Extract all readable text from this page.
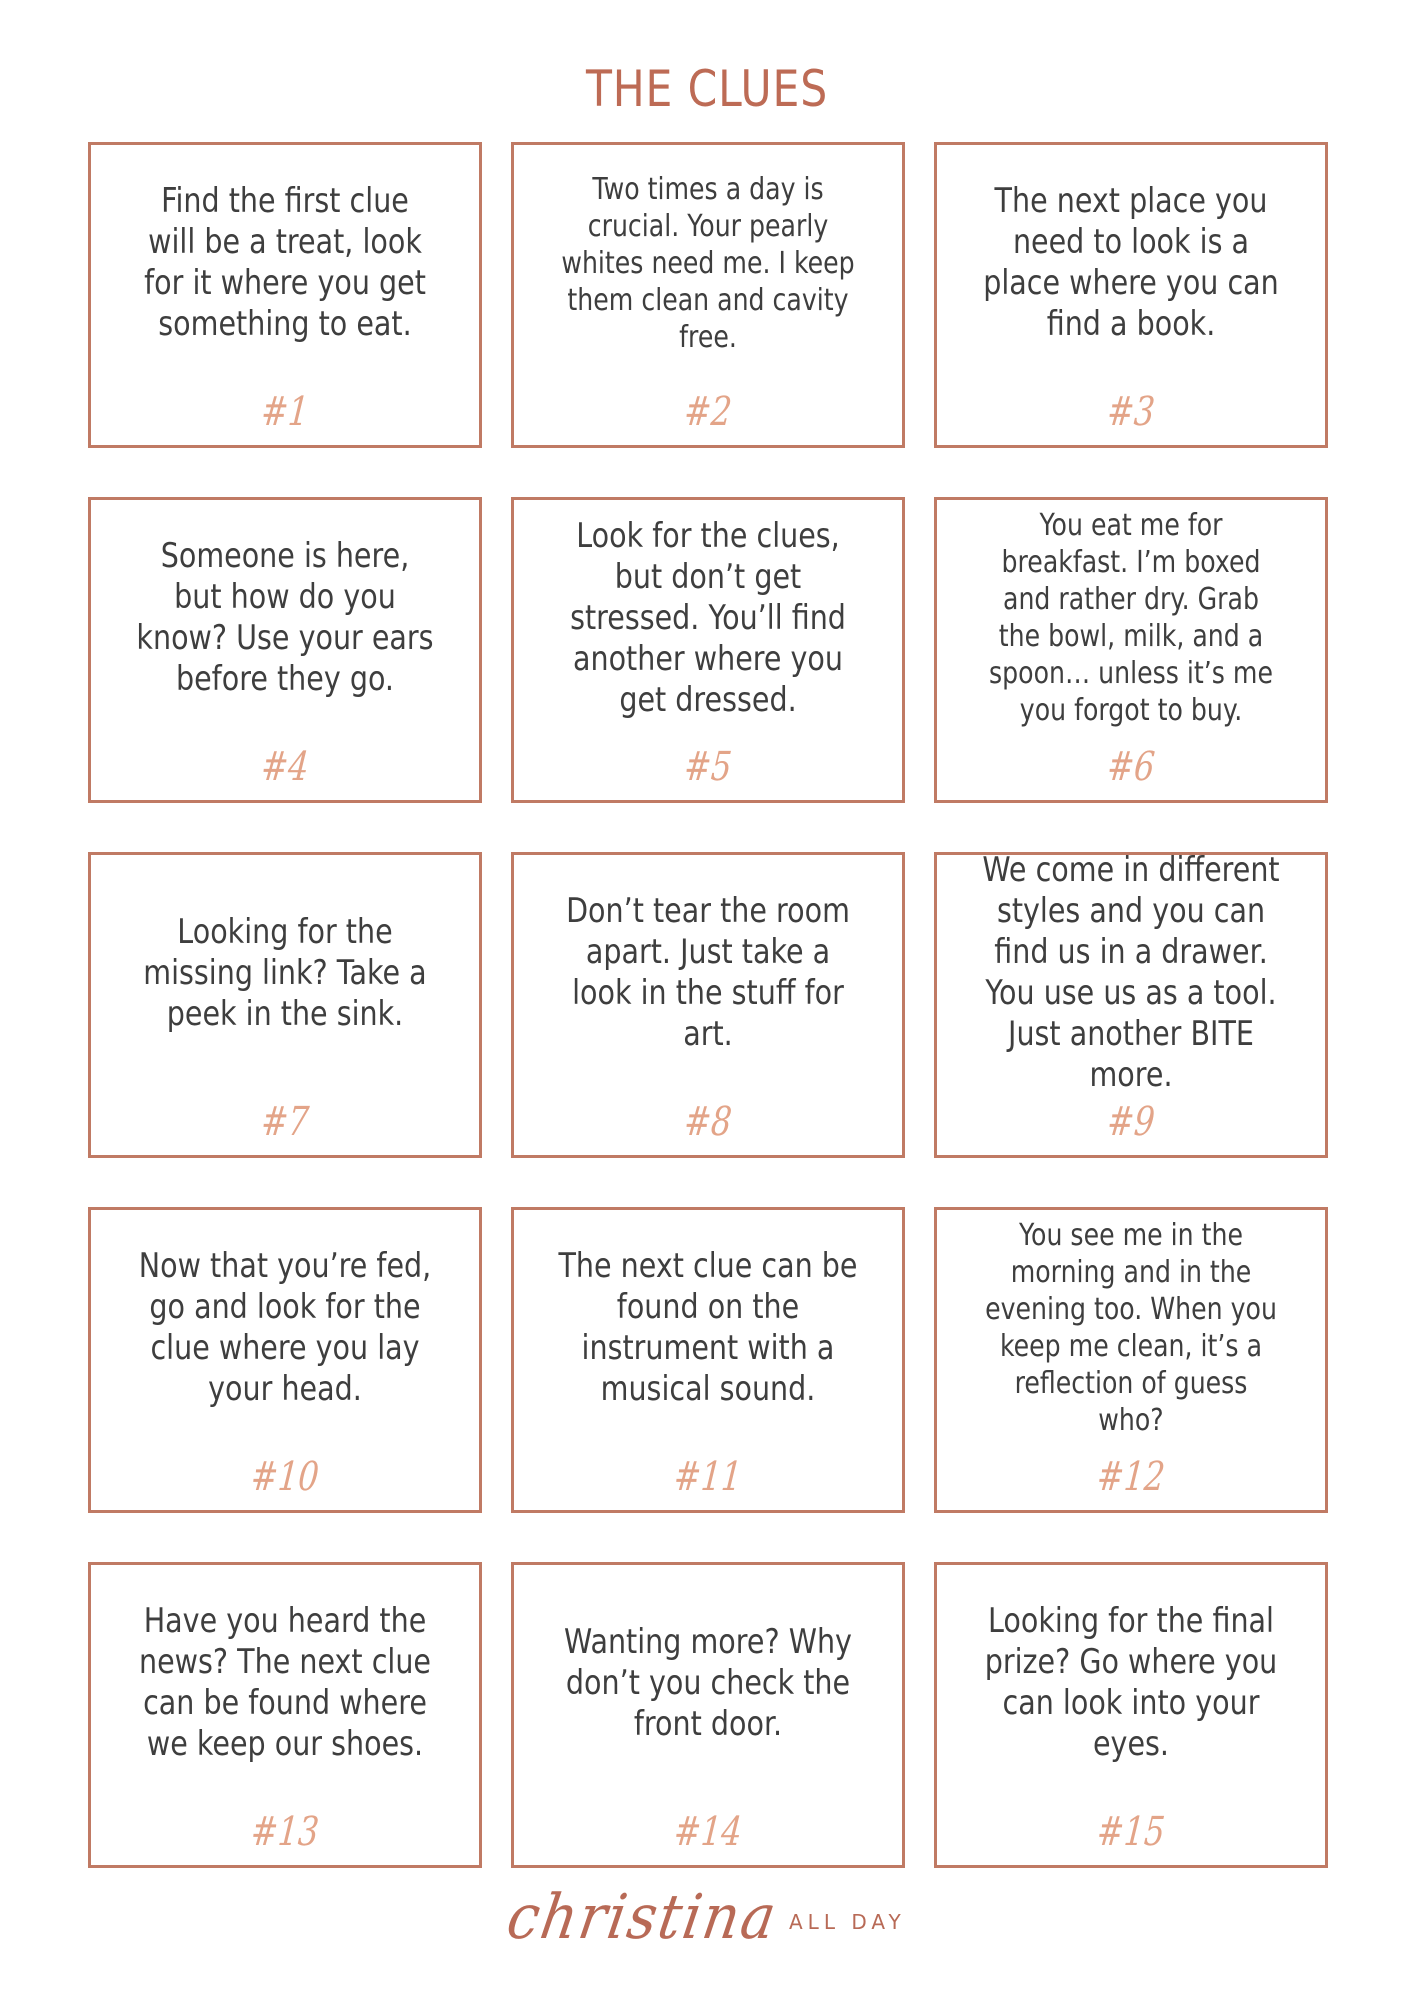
THE CLUES
Find the first clue will be a treat, look for it where you get something to eat.
#1
Two times a day is crucial. Your pearly whites need me. I keep them clean and cavity free.
#2
The next place you need to look is a place where you can find a book.
#3
Someone is here, but how do you know? Use your ears before they go.
#4
Look for the clues, but don’t get stressed. You’ll find another where you get dressed.
#5
You eat me for breakfast. I’m boxed and rather dry. Grab the bowl, milk, and a spoon… unless it’s me you forgot to buy.
#6
Looking for the missing link? Take a peek in the sink.
#7
Don’t tear the room apart. Just take a look in the stuff for art.
#8
We come in different styles and you can find us in a drawer. You use us as a tool. Just another BITE more.
#9
Now that you’re fed, go and look for the clue where you lay your head.
#10
The next clue can be found on the instrument with a musical sound.
#11
You see me in the morning and in the evening too. When you keep me clean, it’s a reflection of guess who?
#12
Have you heard the news? The next clue can be found where we keep our shoes.
#13
Wanting more? Why don’t you check the front door.
#14
Looking for the final prize? Go where you can look into your eyes.
#15
christina ALL DAY
